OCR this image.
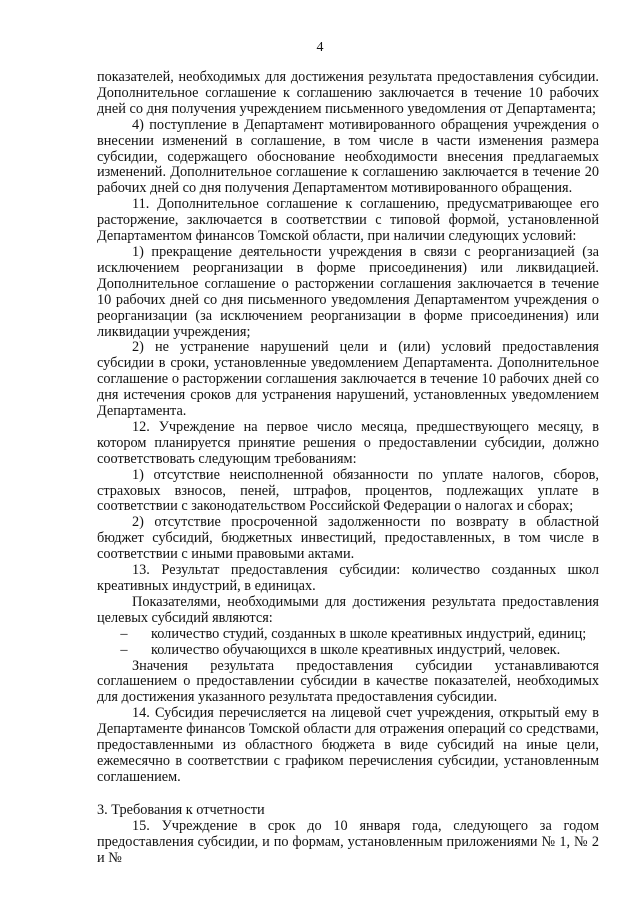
4

показателей, необходимых для достижения результата предоставления субсидии. Дополнительное соглашение к соглашению заключается в течение 10 рабочих дней со дня получения учреждением письменного уведомления от Департамента;

4) поступление в Департамент мотивированного обращения учреждения о внесении изменений в соглашение, в том числе в части изменения размера субсидии, содержащего обоснование необходимости внесения предлагаемых изменений. Дополнительное соглашение к соглашению заключается в течение 20 рабочих дней со дня получения Департаментом мотивированного обращения.

11. Дополнительное соглашение к соглашению, предусматривающее его расторжение, заключается в соответствии с типовой формой, установленной Департаментом финансов Томской области, при наличии следующих условий:

1) прекращение деятельности учреждения в связи с реорганизацией (за исключением реорганизации в форме присоединения) или ликвидацией. Дополнительное соглашение о расторжении соглашения заключается в течение 10 рабочих дней со дня письменного уведомления Департаментом учреждения о реорганизации (за исключением реорганизации в форме присоединения) или ликвидации учреждения;

2) не устранение нарушений цели и (или) условий предоставления субсидии в сроки, установленные уведомлением Департамента. Дополнительное соглашение о расторжении соглашения заключается в течение 10 рабочих дней со дня истечения сроков для устранения нарушений, установленных уведомлением Департамента.

12. Учреждение на первое число месяца, предшествующего месяцу, в котором планируется принятие решения о предоставлении субсидии, должно соответствовать следующим требованиям:

1) отсутствие неисполненной обязанности по уплате налогов, сборов, страховых взносов, пеней, штрафов, процентов, подлежащих уплате в соответствии с законодательством Российской Федерации о налогах и сборах;

2) отсутствие просроченной задолженности по возврату в областной бюджет субсидий, бюджетных инвестиций, предоставленных, в том числе в соответствии с иными правовыми актами.

13. Результат предоставления субсидии: количество созданных школ креативных индустрий, в единицах.

Показателями, необходимыми для достижения результата предоставления целевых субсидий являются:

–	количество студий, созданных в школе креативных индустрий, единиц;
–	количество обучающихся в школе креативных индустрий, человек.

Значения результата предоставления субсидии устанавливаются соглашением о предоставлении субсидии в качестве показателей, необходимых для достижения указанного результата предоставления субсидии.

14. Субсидия перечисляется на лицевой счет учреждения, открытый ему в Департаменте финансов Томской области для отражения операций со средствами, предоставленными из областного бюджета в виде субсидий на иные цели, ежемесячно в соответствии с графиком перечисления субсидии, установленным соглашением.

3. Требования к отчетности

15. Учреждение в срок до 10 января года, следующего за годом предоставления субсидии, и по формам, установленным приложениями № 1, № 2 и №
